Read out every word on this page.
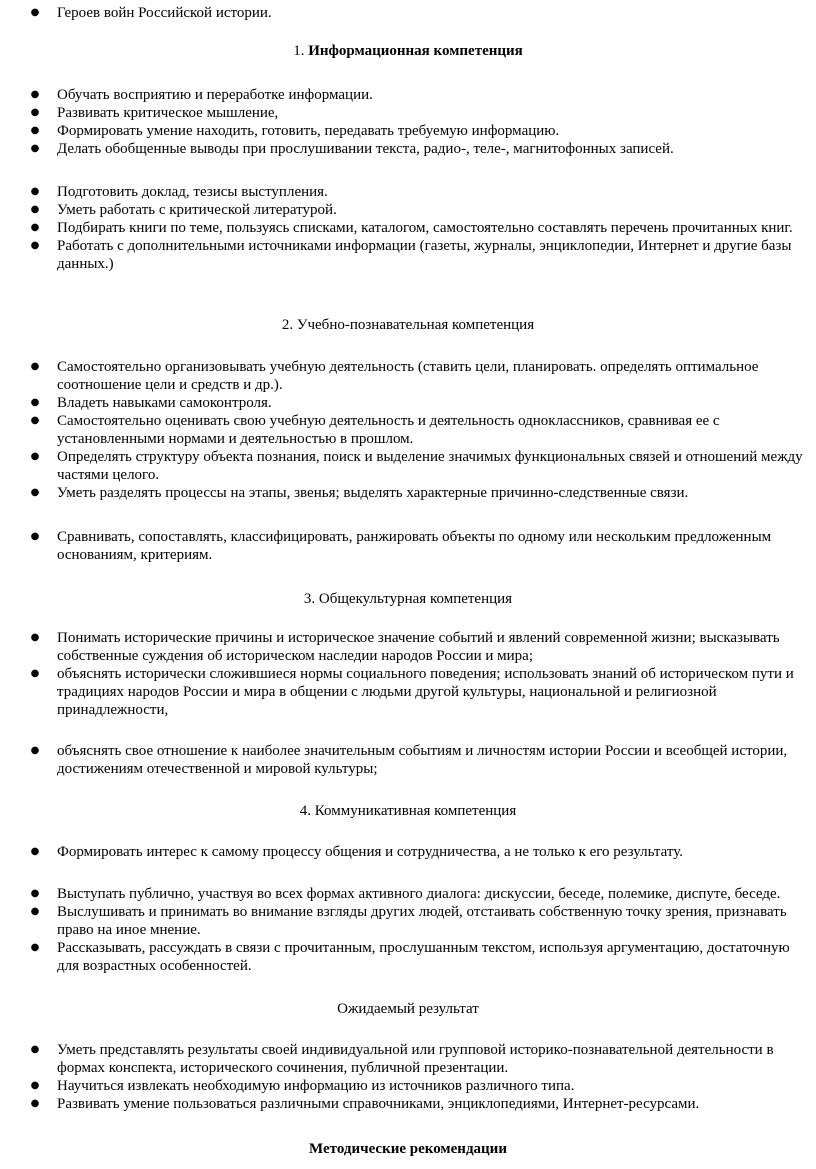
● Героев войн Российской истории.
1. Информационная компетенция
● Обучать восприятию и переработке информации.
● Развивать критическое мышление,
● Формировать умение находить, готовить, передавать требуемую информацию.
● Делать обобщенные выводы при прослушивании текста, радио-, теле-, магнитофонных записей.
● Подготовить доклад, тезисы выступления.
● Уметь работать с критической литературой.
● Подбирать книги по теме, пользуясь списками, каталогом, самостоятельно составлять перечень прочитанных книг.
● Работать с дополнительными источниками информации (газеты, журналы, энциклопедии, Интернет и другие базы данных.)
2. Учебно-познавательная компетенция
● Самостоятельно организовывать учебную деятельность (ставить цели, планировать. определять оптимальное соотношение цели и средств и др.).
● Владеть навыками самоконтроля.
● Самостоятельно оценивать свою учебную деятельность и деятельность одноклассников, сравнивая ее с установленными нормами и деятельностью в прошлом.
● Определять структуру объекта познания, поиск и выделение значимых функциональных связей и отношений между частями целого.
● Уметь разделять процессы на этапы, звенья; выделять характерные причинно-следственные связи.
● Сравнивать, сопоставлять, классифицировать, ранжировать объекты по одному или нескольким предложенным основаниям, критериям.
3. Общекультурная компетенция
● Понимать исторические причины и историческое значение событий и явлений современной жизни; высказывать собственные суждения об историческом наследии народов России и мира;
● объяснять исторически сложившиеся нормы социального поведения; использовать знаний об историческом пути и традициях народов России и мира в общении с людьми другой культуры, национальной и религиозной принадлежности,
● объяснять свое отношение к наиболее значительным событиям и личностям истории России и всеобщей истории, достижениям отечественной и мировой культуры;
4. Коммуникативная компетенция
● Формировать интерес к самому процессу общения и сотрудничества, а не только к его результату.
● Выступать публично, участвуя во всех формах активного диалога: дискуссии, беседе, полемике, диспуте, беседе.
● Выслушивать и принимать во внимание взгляды других людей, отстаивать собственную точку зрения, признавать право на иное мнение.
● Рассказывать, рассуждать в связи с прочитанным, прослушанным текстом, используя аргументацию, достаточную для возрастных особенностей.
Ожидаемый результат
● Уметь представлять результаты своей индивидуальной или групповой историко-познавательной деятельности в формах конспекта, исторического сочинения, публичной презентации.
● Научиться извлекать необходимую информацию из источников различного типа.
● Развивать умение пользоваться различными справочниками, энциклопедиями, Интернет-ресурсами.
Методические рекомендации
